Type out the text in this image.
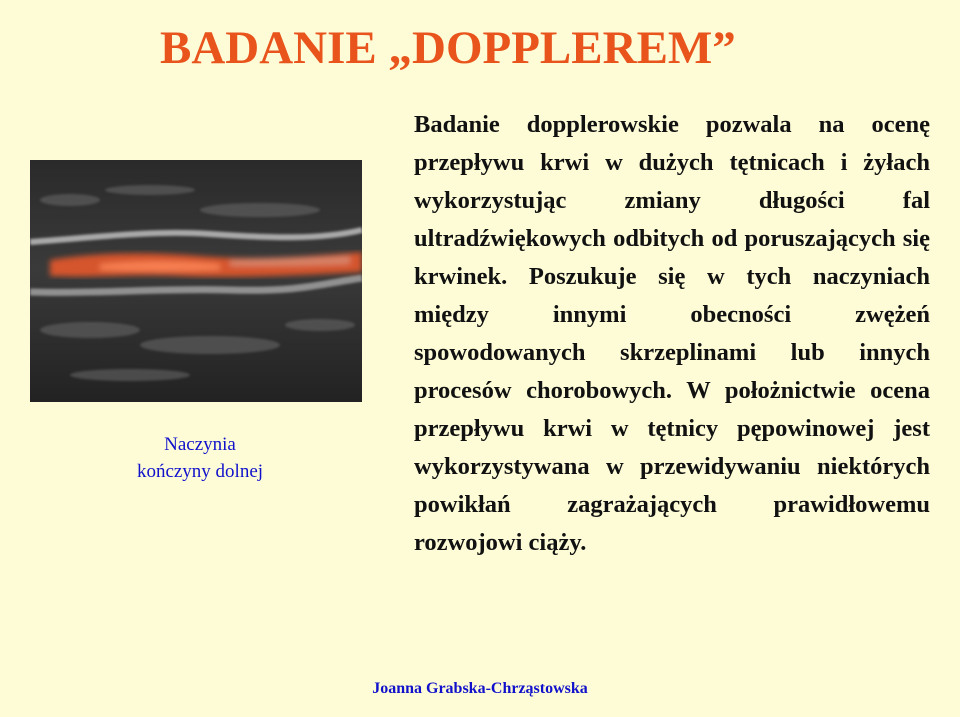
BADANIE „DOPPLEREM”
Naczynia
kończyny dolnej

Badanie dopplerowskie pozwala na ocenę przepływu krwi w dużych tętnicach i żyłach wykorzystując zmiany długości fal ultradźwiękowych odbitych od poruszających się krwinek. Poszukuje się w tych naczyniach między innymi obecności zwężeń spowodowanych skrzeplinami lub innych procesów chorobowych. W położnictwie ocena przepływu krwi w tętnicy pępowinowej jest wykorzystywana w przewidywaniu niektórych powikłań zagrażających prawidłowemu rozwojowi ciąży.

Joanna Grabska-Chrząstowska
